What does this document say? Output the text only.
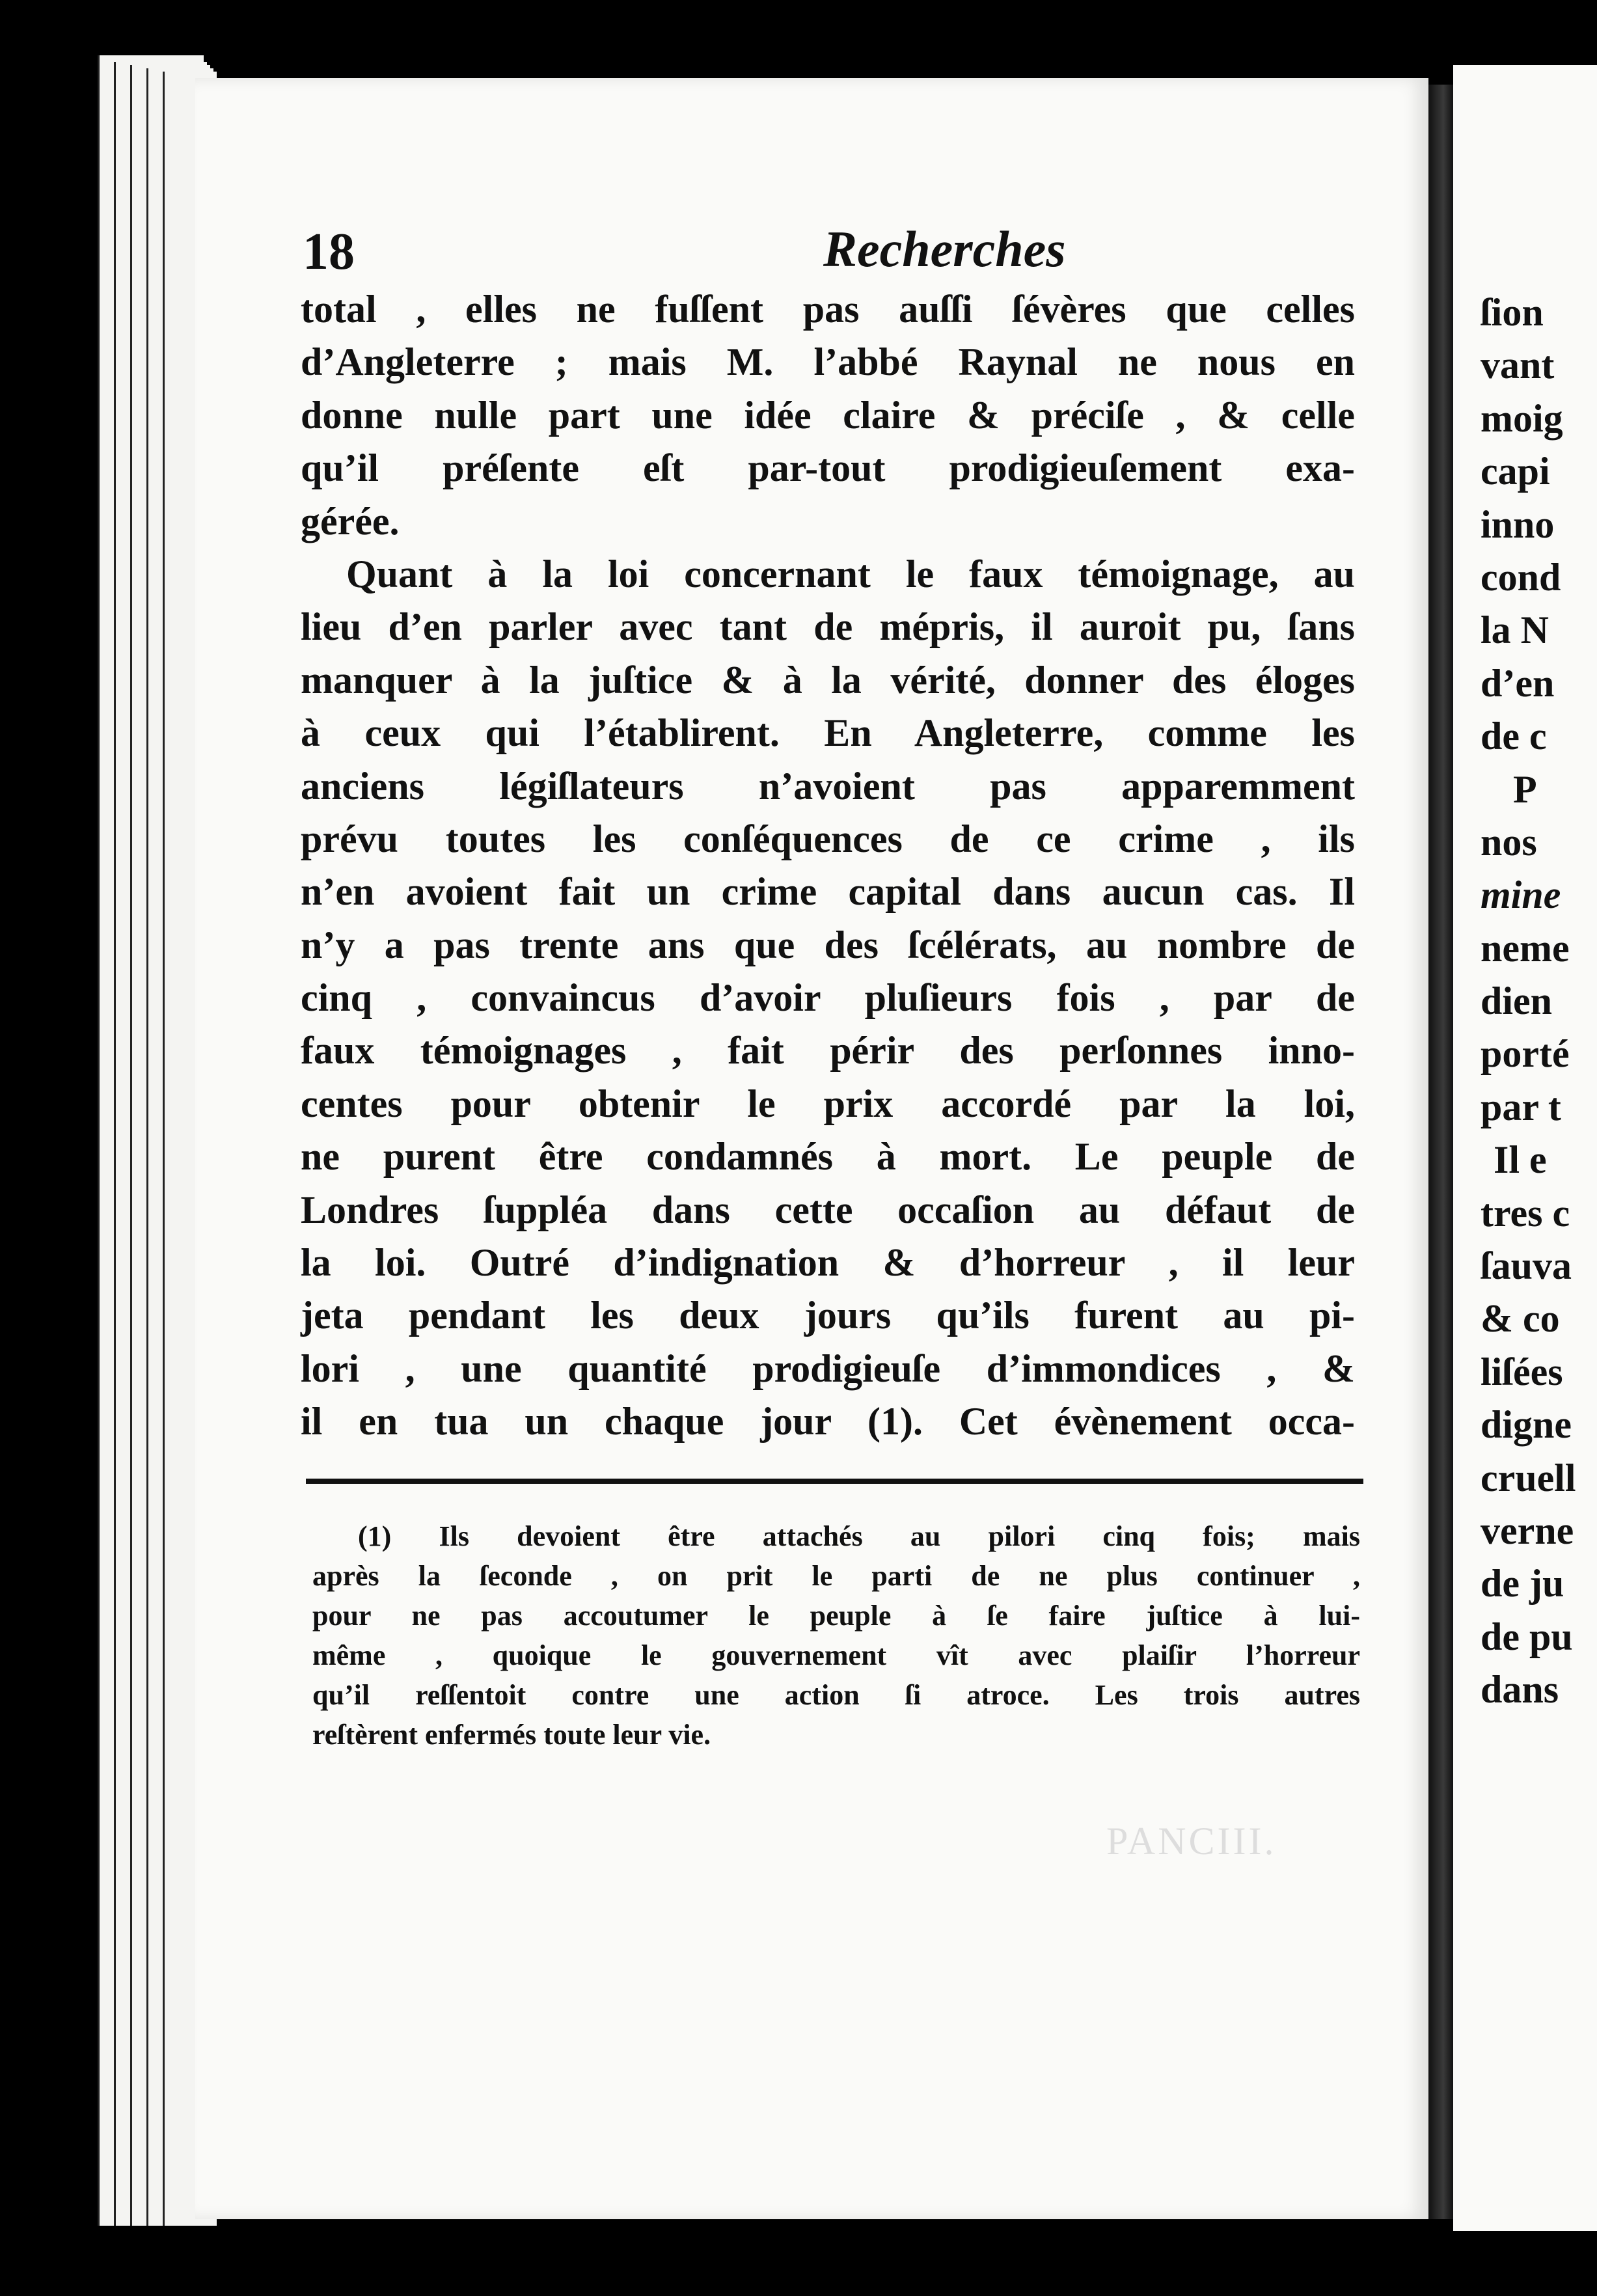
18	Recherches
total , elles ne fuſſent pas auſſi ſévères que celles
d’Angleterre ; mais M. l’abbé Raynal ne nous en
donne nulle part une idée claire & préciſe , & celle
qu’il préſente eſt par-tout prodigieuſement exa-
gérée.
Quant à la loi concernant le faux témoignage, au
lieu d’en parler avec tant de mépris, il auroit pu, ſans
manquer à la juſtice & à la vérité, donner des éloges
à ceux qui l’établirent. En Angleterre, comme les
anciens légiſlateurs n’avoient pas apparemment
prévu toutes les conſéquences de ce crime , ils
n’en avoient fait un crime capital dans aucun cas. Il
n’y a pas trente ans que des ſcélérats, au nombre de
cinq , convaincus d’avoir pluſieurs fois , par de
faux témoignages , fait périr des perſonnes inno-
centes pour obtenir le prix accordé par la loi,
ne purent être condamnés à mort. Le peuple de
Londres ſuppléa dans cette occaſion au défaut de
la loi. Outré d’indignation & d’horreur , il leur
jeta pendant les deux jours qu’ils furent au pi-
lori , une quantité prodigieuſe d’immondices , &
il en tua un chaque jour (1). Cet évènement occa-
(1) Ils devoient être attachés au pilori cinq fois; mais
après la ſeconde , on prit le parti de ne plus continuer ,
pour ne pas accoutumer le peuple à ſe faire juſtice à lui-
même , quoique le gouvernement vît avec plaiſir l’horreur
qu’il reſſentoit contre une action ſi atroce. Les trois autres
reſtèrent enfermés toute leur vie.
PANCIII.
ſion
vant
moig
capi
inno
cond
la N
d’en
de c
P
nos
mine
neme
dien
porté
par t
Il e
tres c
ſauva
& co
liſées
digne
cruell
verne
de ju
de pu
dans
